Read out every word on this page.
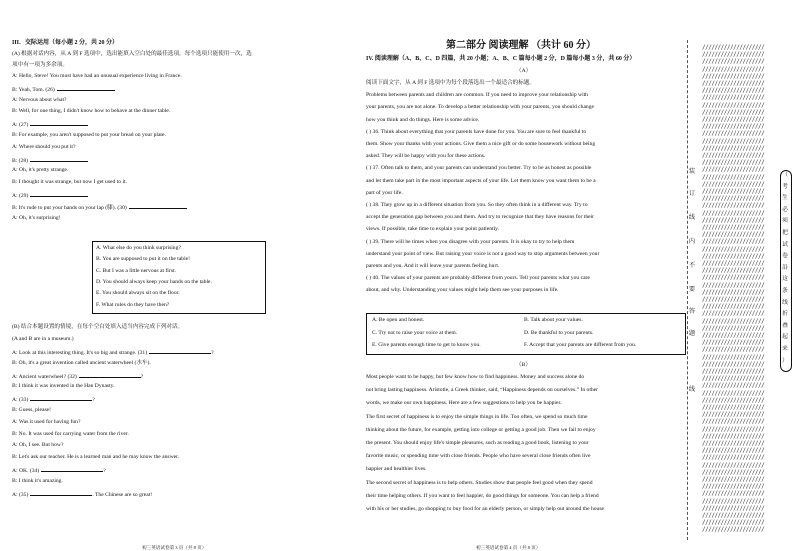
III．交际运用（每小题 2 分，共 20 分）
(A) 根据对话内容，从 A 到 F 选项中，选出能填入空白处的最佳选项。每个选项只能使用一次，选
项中有一项为多余项。
A: Hello, Steve! You must have had an unusual experience living in France.
B: Yeah, Tom. (26)
A: Nervous about what?
B: Well, for one thing, I didn't know how to behave at the dinner table.
A: (27)
B: For example, you aren't supposed to put your bread on your plate.
A: Where should you put it?
B: (28)
A: Oh, it's pretty strange.
B: I thought it was strange, but now I get used to it.
A: (29)
B: It's rude to put your hands on your lap (膝). (30)
A: Oh, it's surprising!
A. What else do you think surprising?
B. You are supposed to put it on the table!
C. But I was a little nervous at first.
D. You should always keep your hands on the table.
E. You should always sit on the floor.
F. What rules do they have then?
(B) 结合本题设置的情境，在每个空白处填入适当内容完成下列对话。
(A and B are in a museum.)
A: Look at this interesting thing. It's so big and strange. (31)	?
B: Oh, it's a great invention called ancient waterwheel (水车).
A: Ancient waterwheel? (32)	?
B: I think it was invented in the Han Dynasty.
A: (33)	?
B: Guess, please!
A: Was it used for having fun?
B: No. It was used for carrying water from the river.
A: Oh, I see. But how?
B: Let's ask our teacher. He is a learned man and he may know the answer.
A: OK. (34)	?
B: I think it's amazing.
A: (35)	. The Chinese are so great!
初三英语试卷第 3 页（共 8 页）
第二部分 阅读理解 （共计 60 分）
IV. 阅读理解（A、B、C、D 四篇，共 20 小题；A、B、C 篇每小题 2 分，D 篇每小题 3 分，共 60 分）
（A）
阅读下面文字，从 A 到 F 选项中为每个段落选出一个最适合的标题。
Problems between parents and children are common. If you need to improve your relationship with
your parents, you are not alone. To develop a better relationship with your parents, you should change
how you think and do things. Here is some advice.
( ) 36. Think about everything that your parents have done for you. You are sure to feel thankful to
them. Show your thanks with your actions. Give them a nice gift or do some housework without being
asked. They will be happy with you for these actions.
( ) 37. Often talk to them, and your parents can understand you better. Try to be as honest as possible
and let them take part in the most important aspects of your life. Let them know you want them to be a
part of your life.
( ) 38. They grow up in a different situation from you. So they often think in a different way. Try to
accept the generation gap between you and them. And try to recognize that they have reasons for their
views. If possible, take time to explain your point patiently.
( ) 39. There will be times when you disagree with your parents. It is okay to try to help them
understand your point of view. But raising your voice is not a good way to stop arguments between your
parents and you. And it will leave your parents feeling hurt.
( ) 40. The values of your parents are probably different from yours. Tell your parents what you care
about, and why. Understanding your values might help them see your purposes in life.
A. Be open and honest.	B. Talk about your values.
C. Try not to raise your voice at them.	D. Be thankful to your parents.
E. Give parents enough time to get to know you.	F. Accept that your parents are different from you.
（B）
Most people want to be happy, but few know how to find happiness. Money and success alone do
not bring lasting happiness. Aristotle, a Greek thinker, said, “Happiness depends on ourselves.” In other
words, we make our own happiness. Here are a few suggestions to help you be happier.
The first secret of happiness is to enjoy the simple things in life. Too often, we spend so much time
thinking about the future, for example, getting into college or getting a good job. Then we fail to enjoy
the present. You should enjoy life's simple pleasures, such as reading a good book, listening to your
favorite music, or spending time with close friends. People who have several close friends often live
happier and healthier lives.
The second secret of happiness is to help others. Studies show that people feel good when they spend
their time helping others. If you want to feel happier, do good things for someone. You can help a friend
with his or her studies, go shopping to buy food for an elderly person, or simply help out around the house
初三英语试卷第 4 页（共 8 页）
装
订
线
内
不
要
答
题
线
////////////////////
////////////////////
////////////////////
////////////////////
////////////////////
////////////////////
////////////////////
////////////////////
////////////////////
////////////////////
////////////////////
////////////////////
////////////////////
////////////////////
////////////////////
////////////////////
////////////////////
////////////////////
////////////////////
////////////////////
////////////////////
////////////////////
////////////////////
////////////////////
////////////////////
////////////////////
////////////////////
////////////////////
////////////////////
////////////////////
////////////////////
////////////////////
////////////////////
////////////////////
////////////////////
////////////////////
////////////////////
////////////////////
////////////////////
////////////////////
////////////////////
////////////////////
////////////////////
////////////////////
////////////////////
////////////////////
////////////////////
////////////////////
////////////////////
////////////////////
////////////////////
////////////////////
////////////////////
////////////////////
////////////////////
////////////////////
////////////////////
////////////////////
////////////////////
////////////////////
////////////////////
////////////////////
////////////////////
////////////////////
////////////////////
////////////////////
////////////////////
////////////////////
（
考
生
必
须
把
试
卷
沿
这
条
线
折
叠
起
来
）
